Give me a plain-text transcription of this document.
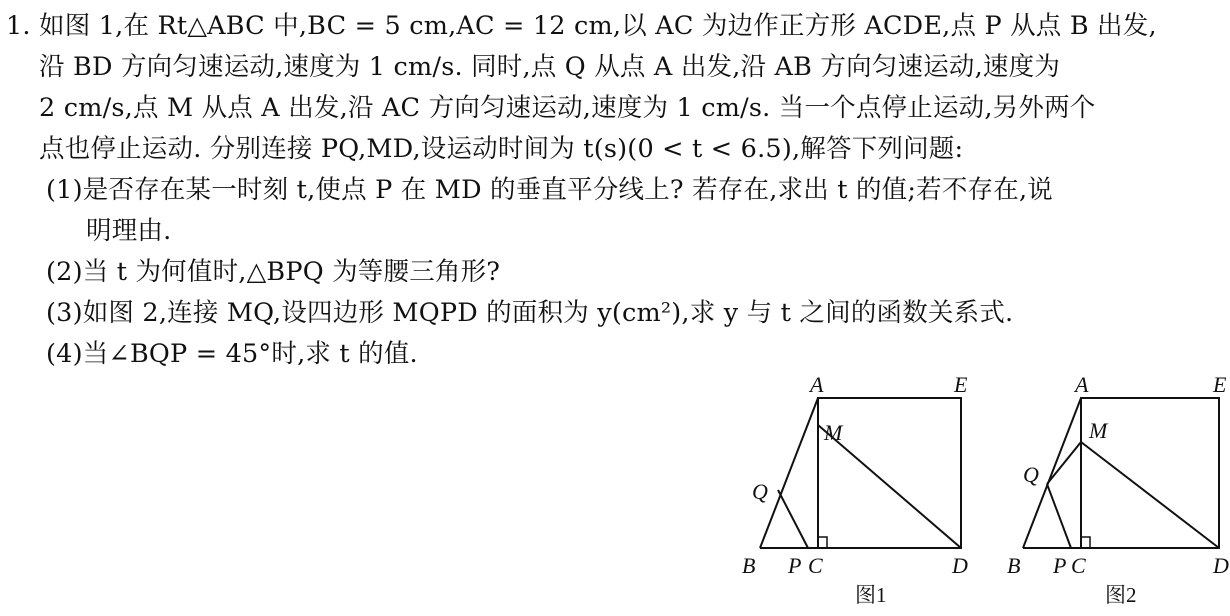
1. 如图 1,在 Rt△ABC 中,BC = 5 cm,AC = 12 cm,以 AC 为边作正方形 ACDE,点 P 从点 B 出发,
沿 BD 方向匀速运动,速度为 1 cm/s. 同时,点 Q 从点 A 出发,沿 AB 方向匀速运动,速度为
2 cm/s,点 M 从点 A 出发,沿 AC 方向匀速运动,速度为 1 cm/s. 当一个点停止运动,另外两个
点也停止运动. 分别连接 PQ,MD,设运动时间为 t(s)(0 < t < 6.5),解答下列问题:
(1)是否存在某一时刻 t,使点 P 在 MD 的垂直平分线上? 若存在,求出 t 的值;若不存在,说
明理由.
(2)当 t 为何值时,△BPQ 为等腰三角形?
(3)如图 2,连接 MQ,设四边形 MQPD 的面积为 y(cm²),求 y 与 t 之间的函数关系式.
(4)当∠BQP = 45°时,求 t 的值.
A	E
M
Q
B P C	D
图1
A	E
M
Q
B P C	D
图2
